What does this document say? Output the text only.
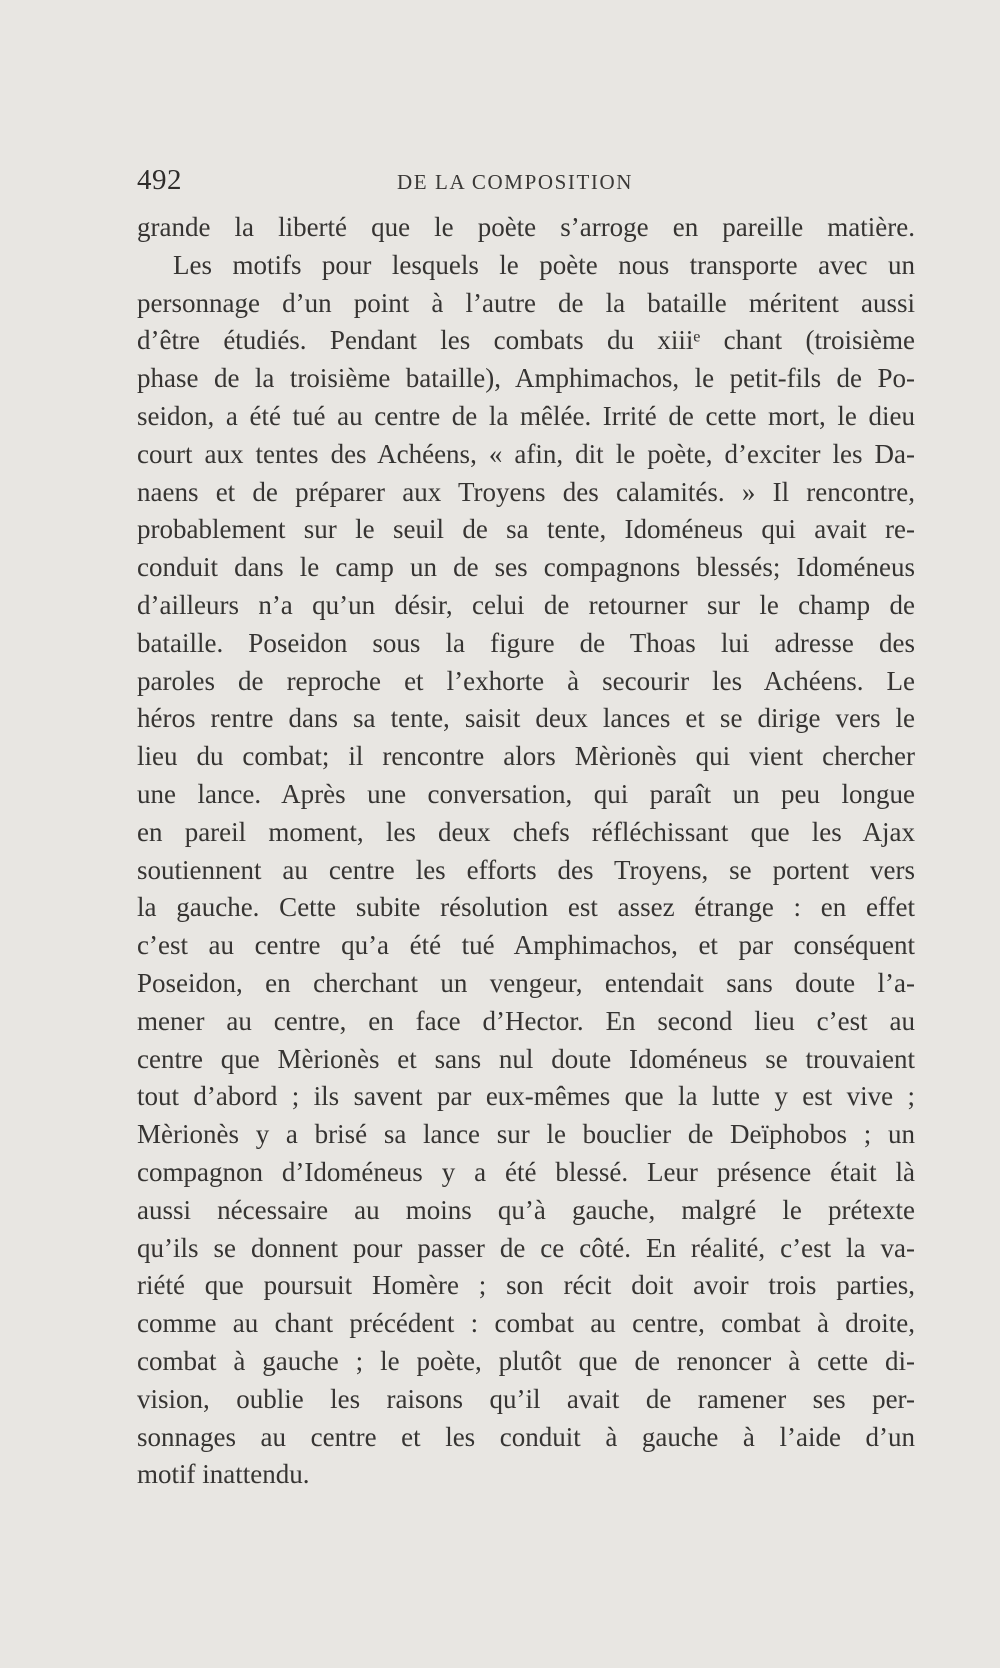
492	DE LA COMPOSITION
grande la liberté que le poète s’arroge en pareille matière.
Les motifs pour lesquels le poète nous transporte avec un
personnage d’un point à l’autre de la bataille méritent aussi
d’être étudiés. Pendant les combats du xiiiᵉ chant (troisième
phase de la troisième bataille), Amphimachos, le petit-fils de Po-
seidon, a été tué au centre de la mêlée. Irrité de cette mort, le dieu
court aux tentes des Achéens, « afin, dit le poète, d’exciter les Da-
naens et de préparer aux Troyens des calamités. » Il rencontre,
probablement sur le seuil de sa tente, Idoméneus qui avait re-
conduit dans le camp un de ses compagnons blessés; Idoméneus
d’ailleurs n’a qu’un désir, celui de retourner sur le champ de
bataille. Poseidon sous la figure de Thoas lui adresse des
paroles de reproche et l’exhorte à secourir les Achéens. Le
héros rentre dans sa tente, saisit deux lances et se dirige vers le
lieu du combat; il rencontre alors Mèrionès qui vient chercher
une lance. Après une conversation, qui paraît un peu longue
en pareil moment, les deux chefs réfléchissant que les Ajax
soutiennent au centre les efforts des Troyens, se portent vers
la gauche. Cette subite résolution est assez étrange : en effet
c’est au centre qu’a été tué Amphimachos, et par conséquent
Poseidon, en cherchant un vengeur, entendait sans doute l’a-
mener au centre, en face d’Hector. En second lieu c’est au
centre que Mèrionès et sans nul doute Idoméneus se trouvaient
tout d’abord ; ils savent par eux-mêmes que la lutte y est vive ;
Mèrionès y a brisé sa lance sur le bouclier de Deïphobos ; un
compagnon d’Idoméneus y a été blessé. Leur présence était là
aussi nécessaire au moins qu’à gauche, malgré le prétexte
qu’ils se donnent pour passer de ce côté. En réalité, c’est la va-
riété que poursuit Homère ; son récit doit avoir trois parties,
comme au chant précédent : combat au centre, combat à droite,
combat à gauche ; le poète, plutôt que de renoncer à cette di-
vision, oublie les raisons qu’il avait de ramener ses per-
sonnages au centre et les conduit à gauche à l’aide d’un
motif inattendu.
